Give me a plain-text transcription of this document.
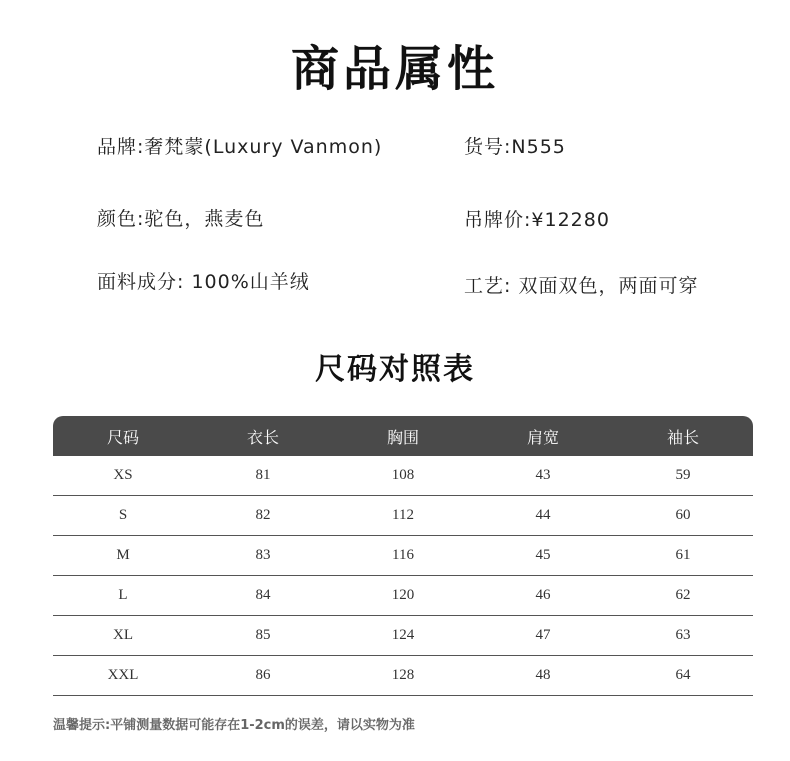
商品属性
品牌:奢梵蒙(Luxury Vanmon)	货号:N555
颜色:驼色，燕麦色	吊牌价:¥12280
面料成分: 100%山羊绒	工艺: 双面双色，两面可穿
尺码对照表
尺码	衣长	胸围	肩宽	袖长
XS	81	108	43	59
S	82	112	44	60
M	83	116	45	61
L	84	120	46	62
XL	85	124	47	63
XXL	86	128	48	64
温馨提示:平铺测量数据可能存在1-2cm的误差，请以实物为准
